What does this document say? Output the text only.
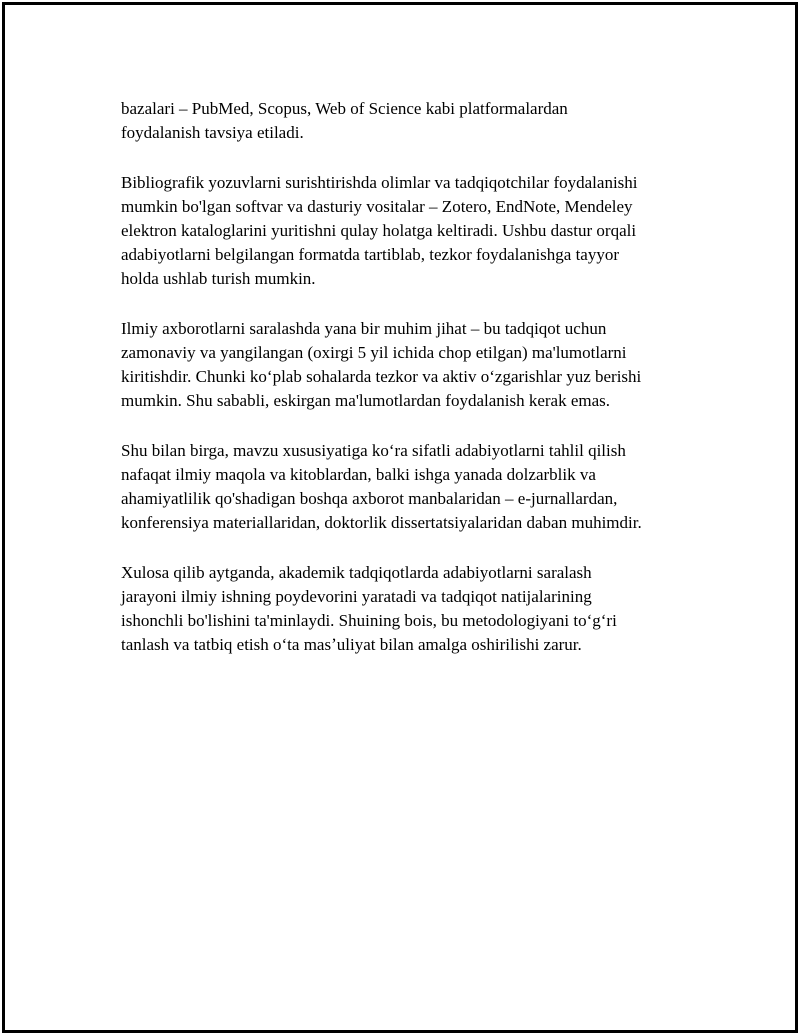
bazalari – PubMed, Scopus, Web of Science kabi platformalardan
foydalanish tavsiya etiladi.

Bibliografik yozuvlarni surishtirishda olimlar va tadqiqotchilar foydalanishi
mumkin bo'lgan softvar va dasturiy vositalar – Zotero, EndNote, Mendeley
elektron kataloglarini yuritishni qulay holatga keltiradi. Ushbu dastur orqali
adabiyotlarni belgilangan formatda tartiblab, tezkor foydalanishga tayyor
holda ushlab turish mumkin.

Ilmiy axborotlarni saralashda yana bir muhim jihat – bu tadqiqot uchun
zamonaviy va yangilangan (oxirgi 5 yil ichida chop etilgan) ma'lumotlarni
kiritishdir. Chunki koʻplab sohalarda tezkor va aktiv oʻzgarishlar yuz berishi
mumkin. Shu sababli, eskirgan ma'lumotlardan foydalanish kerak emas.

Shu bilan birga, mavzu xususiyatiga koʻra sifatli adabiyotlarni tahlil qilish
nafaqat ilmiy maqola va kitoblardan, balki ishga yanada dolzarblik va
ahamiyatlilik qo'shadigan boshqa axborot manbalaridan – e-jurnallardan,
konferensiya materiallaridan, doktorlik dissertatsiyalaridan daban muhimdir.

Xulosa qilib aytganda, akademik tadqiqotlarda adabiyotlarni saralash
jarayoni ilmiy ishning poydevorini yaratadi va tadqiqot natijalarining
ishonchli bo'lishini ta'minlaydi. Shuining bois, bu metodologiyani toʻgʻri
tanlash va tatbiq etish oʻta masʼuliyat bilan amalga oshirilishi zarur.
